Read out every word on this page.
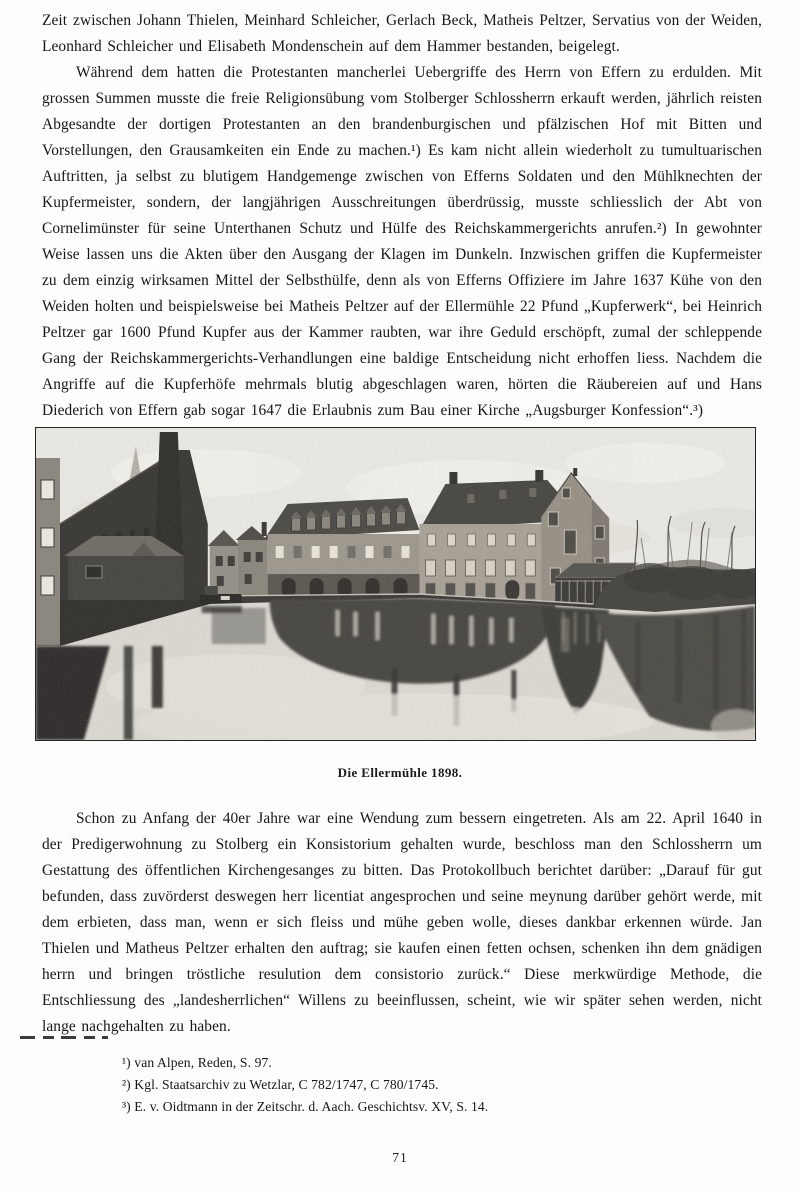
Zeit zwischen Johann Thielen, Meinhard Schleicher, Gerlach Beck, Matheis Peltzer, Servatius von der Weiden, Leonhard Schleicher und Elisabeth Mondenschein auf dem Hammer bestanden, beigelegt.

Während dem hatten die Protestanten mancherlei Uebergriffe des Herrn von Effern zu erdulden. Mit grossen Summen musste die freie Religionsübung vom Stolberger Schlossherrn erkauft werden, jährlich reisten Abgesandte der dortigen Protestanten an den brandenburgischen und pfälzischen Hof mit Bitten und Vorstellungen, den Grausamkeiten ein Ende zu machen.¹) Es kam nicht allein wiederholt zu tumultuarischen Auftritten, ja selbst zu blutigem Handgemenge zwischen von Efferns Soldaten und den Mühlknechten der Kupfermeister, sondern, der langjährigen Ausschreitungen überdrüssig, musste schliesslich der Abt von Cornelimünster für seine Unterthanen Schutz und Hülfe des Reichskammergerichts anrufen.²) In gewohnter Weise lassen uns die Akten über den Ausgang der Klagen im Dunkeln. Inzwischen griffen die Kupfermeister zu dem einzig wirksamen Mittel der Selbsthülfe, denn als von Efferns Offiziere im Jahre 1637 Kühe von den Weiden holten und beispielsweise bei Matheis Peltzer auf der Ellermühle 22 Pfund „Kupferwerk“, bei Heinrich Peltzer gar 1600 Pfund Kupfer aus der Kammer raubten, war ihre Geduld erschöpft, zumal der schleppende Gang der Reichskammergerichts-Verhandlungen eine baldige Entscheidung nicht erhoffen liess. Nachdem die Angriffe auf die Kupferhöfe mehrmals blutig abgeschlagen waren, hörten die Räubereien auf und Hans Diederich von Effern gab sogar 1647 die Erlaubnis zum Bau einer Kirche „Augsburger Konfession“.³)

Die Ellermühle 1898.

Schon zu Anfang der 40er Jahre war eine Wendung zum bessern eingetreten. Als am 22. April 1640 in der Predigerwohnung zu Stolberg ein Konsistorium gehalten wurde, beschloss man den Schlossherrn um Gestattung des öffentlichen Kirchengesanges zu bitten. Das Protokollbuch berichtet darüber: „Darauf für gut befunden, dass zuvörderst deswegen herr licentiat angesprochen und seine meynung darüber gehört werde, mit dem erbieten, dass man, wenn er sich fleiss und mühe geben wolle, dieses dankbar erkennen würde. Jan Thielen und Matheus Peltzer erhalten den auftrag; sie kaufen einen fetten ochsen, schenken ihn dem gnädigen herrn und bringen tröstliche resulution dem consistorio zurück.“ Diese merkwürdige Methode, die Entschliessung des „landesherrlichen“ Willens zu beeinflussen, scheint, wie wir später sehen werden, nicht lange nachgehalten zu haben.

¹) van Alpen, Reden, S. 97.
²) Kgl. Staatsarchiv zu Wetzlar, C 782/1747, C 780/1745.
³) E. v. Oidtmann in der Zeitschr. d. Aach. Geschichtsv. XV, S. 14.
71
